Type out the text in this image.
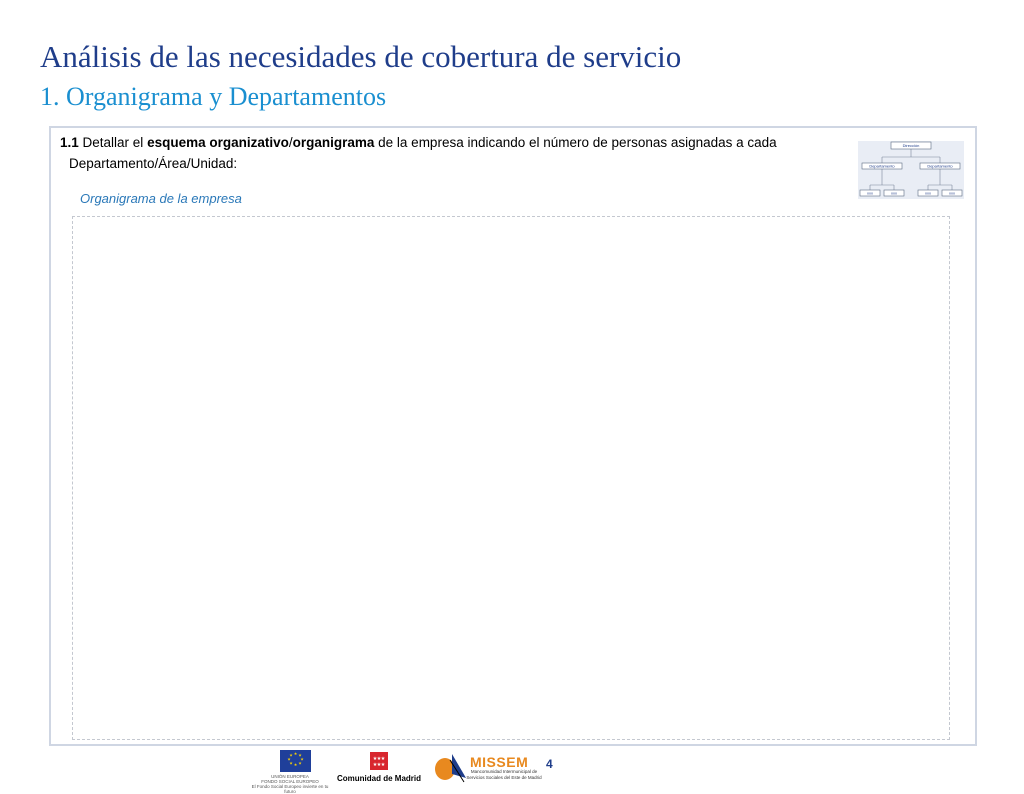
Análisis de las necesidades de cobertura de servicio
1. Organigrama y Departamentos
1.1 Detallar el esquema organizativo/organigrama de la empresa indicando el número de personas asignadas a cada
Departamento/Área/Unidad:
Organigrama de la empresa
Dirección
Departamento	Departamento
xxx	xxx	xxx	xxx
★ ★
★
★
★
★
★
★
UNIÓN EUROPEA
FONDO SOCIAL EUROPEO
El Fondo Social Europeo invierte en tu futuro
★ ★ ★
★ ★ ★
Comunidad de Madrid
MISSEM
Mancomunidad Intermunicipal de Servicios Sociales del Este de Madrid
4
